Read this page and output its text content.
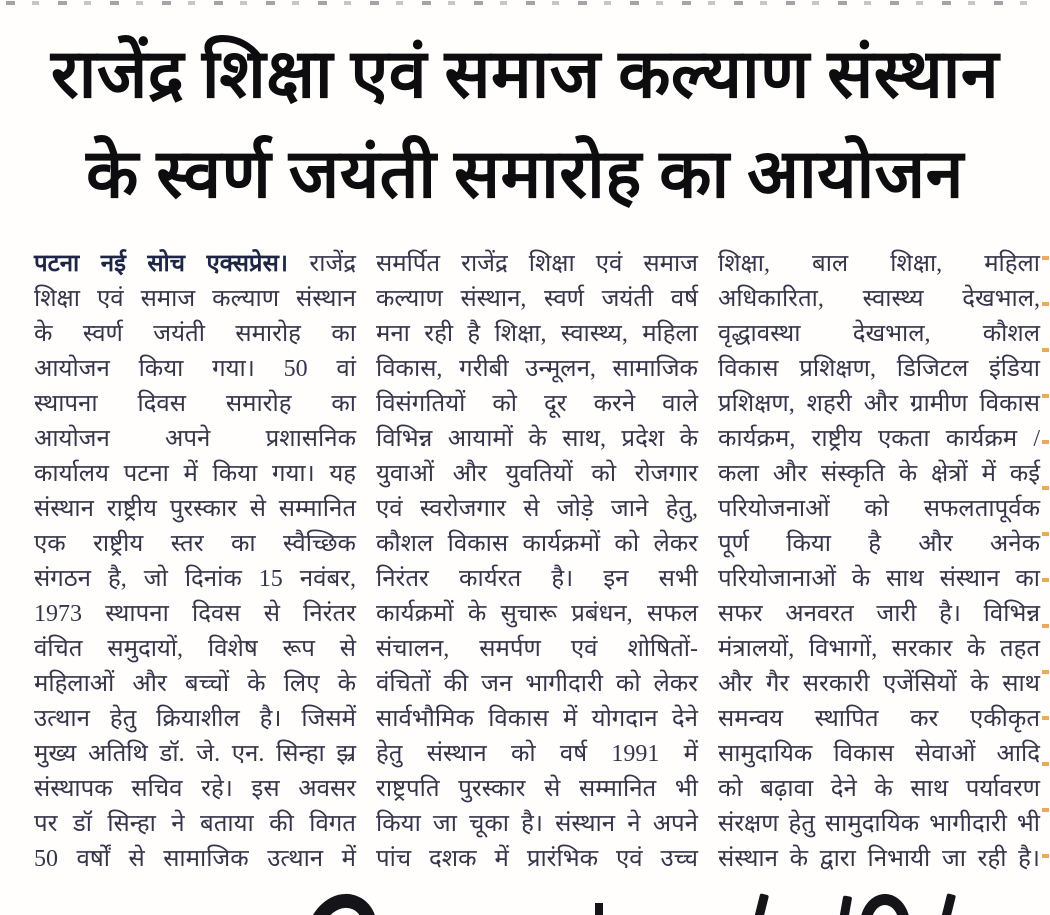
राजेंद्र शिक्षा एवं समाज कल्याण संस्थान
के स्वर्ण जयंती समारोह का आयोजन
पटना नई सोच एक्सप्रेस। राजेंद्र
शिक्षा एवं समाज कल्याण संस्थान
के स्वर्ण जयंती समारोह का
आयोजन किया गया। 50 वां
स्थापना दिवस समारोह का
आयोजन अपने प्रशासनिक
कार्यालय पटना में किया गया। यह
संस्थान राष्ट्रीय पुरस्कार से सम्मानित
एक राष्ट्रीय स्तर का स्वैच्छिक
संगठन है, जो दिनांक 15 नवंबर,
1973 स्थापना दिवस से निरंतर
वंचित समुदायों, विशेष रूप से
महिलाओं और बच्चों के लिए के
उत्थान हेतु क्रियाशील है। जिसमें
मुख्य अतिथि डॉ. जे. एन. सिन्हा झ्र
संस्थापक सचिव रहे। इस अवसर
पर डॉ सिन्हा ने बताया की विगत
50 वर्षों से सामाजिक उत्थान में
समर्पित राजेंद्र शिक्षा एवं समाज
कल्याण संस्थान, स्वर्ण जयंती वर्ष
मना रही है शिक्षा, स्वास्थ्य, महिला
विकास, गरीबी उन्मूलन, सामाजिक
विसंगतियों को दूर करने वाले
विभिन्न आयामों के साथ, प्रदेश के
युवाओं और युवतियों को रोजगार
एवं स्वरोजगार से जोड़े जाने हेतु,
कौशल विकास कार्यक्रमों को लेकर
निरंतर कार्यरत है। इन सभी
कार्यक्रमों के सुचारू प्रबंधन, सफल
संचालन, समर्पण एवं शोषितों-
वंचितों की जन भागीदारी को लेकर
सार्वभौमिक विकास में योगदान देने
हेतु संस्थान को वर्ष 1991 में
राष्ट्रपति पुरस्कार से सम्मानित भी
किया जा चूका है। संस्थान ने अपने
पांच दशक में प्रारंभिक एवं उच्च
शिक्षा, बाल शिक्षा, महिला
अधिकारिता, स्वास्थ्य देखभाल,
वृद्धावस्था देखभाल, कौशल
विकास प्रशिक्षण, डिजिटल इंडिया
प्रशिक्षण, शहरी और ग्रामीण विकास
कार्यक्रम, राष्ट्रीय एकता कार्यक्रम /
कला और संस्कृति के क्षेत्रों में कई
परियोजनाओं को सफलतापूर्वक
पूर्ण किया है और अनेक
परियोजानाओं के साथ संस्थान का
सफर अनवरत जारी है। विभिन्न
मंत्रालयों, विभागों, सरकार के तहत
और गैर सरकारी एजेंसियों के साथ
समन्वय स्थापित कर एकीकृत
सामुदायिक विकास सेवाओं आदि
को बढ़ावा देने के साथ पर्यावरण
संरक्षण हेतु सामुदायिक भागीदारी भी
संस्थान के द्वारा निभायी जा रही है।
